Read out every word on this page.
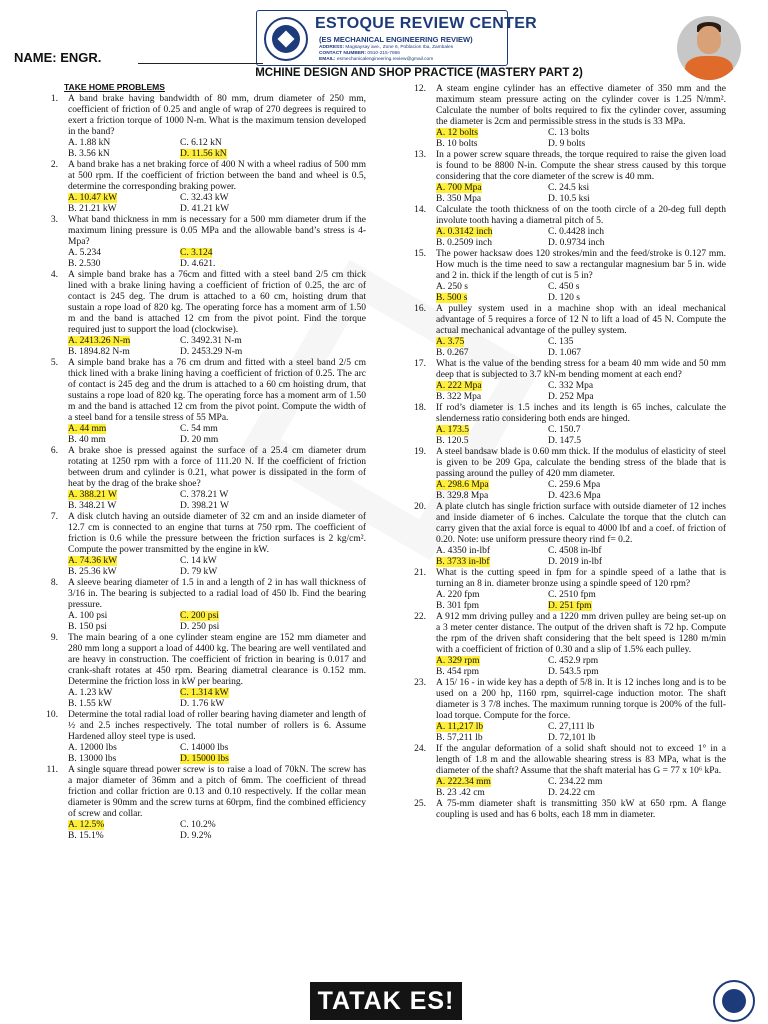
ESTOQUE REVIEW CENTER
(ES MECHANICAL ENGINEERING REVIEW)
ADDRESS: Magsaysay ave., Zone 6, Poblacion Iba, Zambales
CONTACT NUMBER: 0910-215-7866
EMAIL: esmechanicalengineering.review@gmail.com
NAME: ENGR.
MCHINE DESIGN AND SHOP PRACTICE (MASTERY PART 2)
TAKE HOME PROBLEMS
1. A band brake having bandwidth of 80 mm, drum diameter of 250 mm, coefficient of friction of 0.25 and angle of wrap of 270 degrees is required to exert a friction torque of 1000 N-m. What is the maximum tension developed in the band?
A. 1.88 kN	C. 6.12 kN
B. 3.56 kN	D. 11.56 kN
2. A band brake has a net braking force of 400 N with a wheel radius of 500 mm at 500 rpm. If the coefficient of friction between the band and wheel is 0.5, determine the corresponding braking power.
A. 10.47 kW	C. 32.43 kW
B. 21.21 kW	D. 41.21 kW
3. What band thickness in mm is necessary for a 500 mm diameter drum if the maximum lining pressure is 0.05 MPa and the allowable band’s stress is 4-Mpa?
A. 5.234	C. 3.124
B. 2.530	D. 4.621.
4. A simple band brake has a 76cm and fitted with a steel band 2/5 cm thick lined with a brake lining having a coefficient of friction of 0.25, the arc of contact is 245 deg. The drum is attached to a 60 cm, hoisting drum that sustain a rope load of 820 kg. The operating force has a moment arm of 1.50 m and the band is attached 12 cm from the pivot point. Find the torque required just to support the load (clockwise).
A. 2413.26 N-m	C. 3492.31 N-m
B. 1894.82 N-m	D. 2453.29 N-m
5. A simple band brake has a 76 cm drum and fitted with a steel band 2/5 cm thick lined with a brake lining having a coefficient of friction of 0.25. The arc of contact is 245 deg and the drum is attached to a 60 cm hoisting drum, that sustains a rope load of 820 kg. The operating force has a moment arm of 1.50 m and the band is attached 12 cm from the pivot point. Compute the width of a steel band for a tensile stress of 55 MPa.
A. 44 mm	C. 54 mm
B. 40 mm	D. 20 mm
6. A brake shoe is pressed against the surface of a 25.4 cm diameter drum rotating at 1250 rpm with a force of 111.20 N. If the coefficient of friction between drum and cylinder is 0.21, what power is dissipated in the form of heat by the drag of the brake shoe?
A. 388.21 W	C. 378.21 W
B. 348.21 W	D. 398.21 W
7. A disk clutch having an outside diameter of 32 cm and an inside diameter of 12.7 cm is connected to an engine that turns at 750 rpm. The coefficient of friction is 0.6 while the pressure between the friction surfaces is 2 kg/cm². Compute the power transmitted by the engine in kW.
A. 74.36 kW	C. 14 kW
B. 25.36 kW	D. 79 kW
8. A sleeve bearing diameter of 1.5 in and a length of 2 in has wall thickness of 3/16 in. The bearing is subjected to a radial load of 450 lb. Find the bearing pressure.
A. 100 psi	C. 200 psi
B. 150 psi	D. 250 psi
9. The main bearing of a one cylinder steam engine are 152 mm diameter and 280 mm long a support a load of 4400 kg. The bearing are well ventilated and are heavy in construction. The coefficient of friction in bearing is 0.017 and crank-shaft rotates at 450 rpm. Bearing diametral clearance is 0.152 mm. Determine the friction loss in kW per bearing.
A. 1.23 kW	C. 1.314 kW
B. 1.55 kW	D. 1.76 kW
10. Determine the total radial load of roller bearing having diameter and length of ½ and 2.5 inches respectively. The total number of rollers is 6. Assume Hardened alloy steel type is used.
A. 12000 lbs	C. 14000 lbs
B. 13000 lbs	D. 15000 lbs
11. A single square thread power screw is to raise a load of 70kN. The screw has a major diameter of 36mm and a pitch of 6mm. The coefficient of thread friction and collar friction are 0.13 and 0.10 respectively. If the collar mean diameter is 90mm and the screw turns at 60rpm, find the combined efficiency of screw and collar.
A. 12.5%	C. 10.2%
B. 15.1%	D. 9.2%
12. A steam engine cylinder has an effective diameter of 350 mm and the maximum steam pressure acting on the cylinder cover is 1.25 N/mm². Calculate the number of bolts required to fix the cylinder cover, assuming the diameter is 2cm and permissible stress in the studs is 33 MPa.
A. 12 bolts	C. 13 bolts
B. 10 bolts	D. 9 bolts
13. In a power screw square threads, the torque required to raise the given load is found to be 8800 N-in. Compute the shear stress caused by this torque considering that the core diameter of the screw is 40 mm.
A. 700 Mpa	C. 24.5 ksi
B. 350 Mpa	D. 10.5 ksi
14. Calculate the tooth thickness of on the tooth circle of a 20-deg full depth involute tooth having a diametral pitch of 5.
A. 0.3142 inch	C. 0.4428 inch
B. 0.2509 inch	D. 0.9734 inch
15. The power hacksaw does 120 strokes/min and the feed/stroke is 0.127 mm. How much is the time need to saw a rectangular magnesium bar 5 in. wide and 2 in. thick if the length of cut is 5 in?
A. 250 s	C. 450 s
B. 500 s	D. 120 s
16. A pulley system used in a machine shop with an ideal mechanical advantage of 5 requires a force of 12 N to lift a load of 45 N. Compute the actual mechanical advantage of the pulley system.
A. 3.75	C. 135
B. 0.267	D. 1.067
17. What is the value of the bending stress for a beam 40 mm wide and 50 mm deep that is subjected to 3.7 kN-m bending moment at each end?
A. 222 Mpa	C. 332 Mpa
B. 322 Mpa	D. 252 Mpa
18. If rod’s diameter is 1.5 inches and its length is 65 inches, calculate the slenderness ratio considering both ends are hinged.
A. 173.5	C. 150.7
B. 120.5	D. 147.5
19. A steel bandsaw blade is 0.60 mm thick. If the modulus of elasticity of steel is given to be 209 Gpa, calculate the bending stress of the blade that is passing around the pulley of 420 mm diameter.
A. 298.6 Mpa	C. 259.6 Mpa
B. 329.8 Mpa	D. 423.6 Mpa
20. A plate clutch has single friction surface with outside diameter of 12 inches and inside diameter of 6 inches. Calculate the torque that the clutch can carry given that the axial force is equal to 4000 lbf and a coef. of friction of 0.20. Note: use uniform pressure theory rind f= 0.2.
A. 4350 in-lbf	C. 4508 in-lbf
B. 3733 in-lbf	D. 2019 in-lbf
21. What is the cutting speed in fpm for a spindle speed of a lathe that is turning an 8 in. diameter bronze using a spindle speed of 120 rpm?
A. 220 fpm	C. 2510 fpm
B. 301 fpm	D. 251 fpm
22. A 912 mm driving pulley and a 1220 mm driven pulley are being set-up on a 3 meter center distance. The output of the driven shaft is 72 hp. Compute the rpm of the driven shaft considering that the belt speed is 1280 m/min with a coefficient of friction of 0.30 and a slip of 1.5% each pulley.
A. 329 rpm	C. 452.9 rpm
B. 454 rpm	D. 543.5 rpm
23. A 15/ 16 - in wide key has a depth of 5/8 in. It is 12 inches long and is to be used on a 200 hp, 1160 rpm, squirrel-cage induction motor. The shaft diameter is 3 7/8 inches. The maximum running torque is 200% of the full-load torque. Compute for the force.
A. 11,217 lb	C. 27,111 lb
B. 57,211 lb	D. 72,101 lb
24. If the angular deformation of a solid shaft should not to exceed 1° in a length of 1.8 m and the allowable shearing stress is 83 MPa, what is the diameter of the shaft? Assume that the shaft material has G = 77 x 10⁶ kPa.
A. 222.34 mm	C. 234.22 mm
B. 23 .42 cm	D. 24.22 cm
25. A 75-mm diameter shaft is transmitting 350 kW at 650 rpm. A flange coupling is used and has 6 bolts, each 18 mm in diameter.
TATAK ES!
